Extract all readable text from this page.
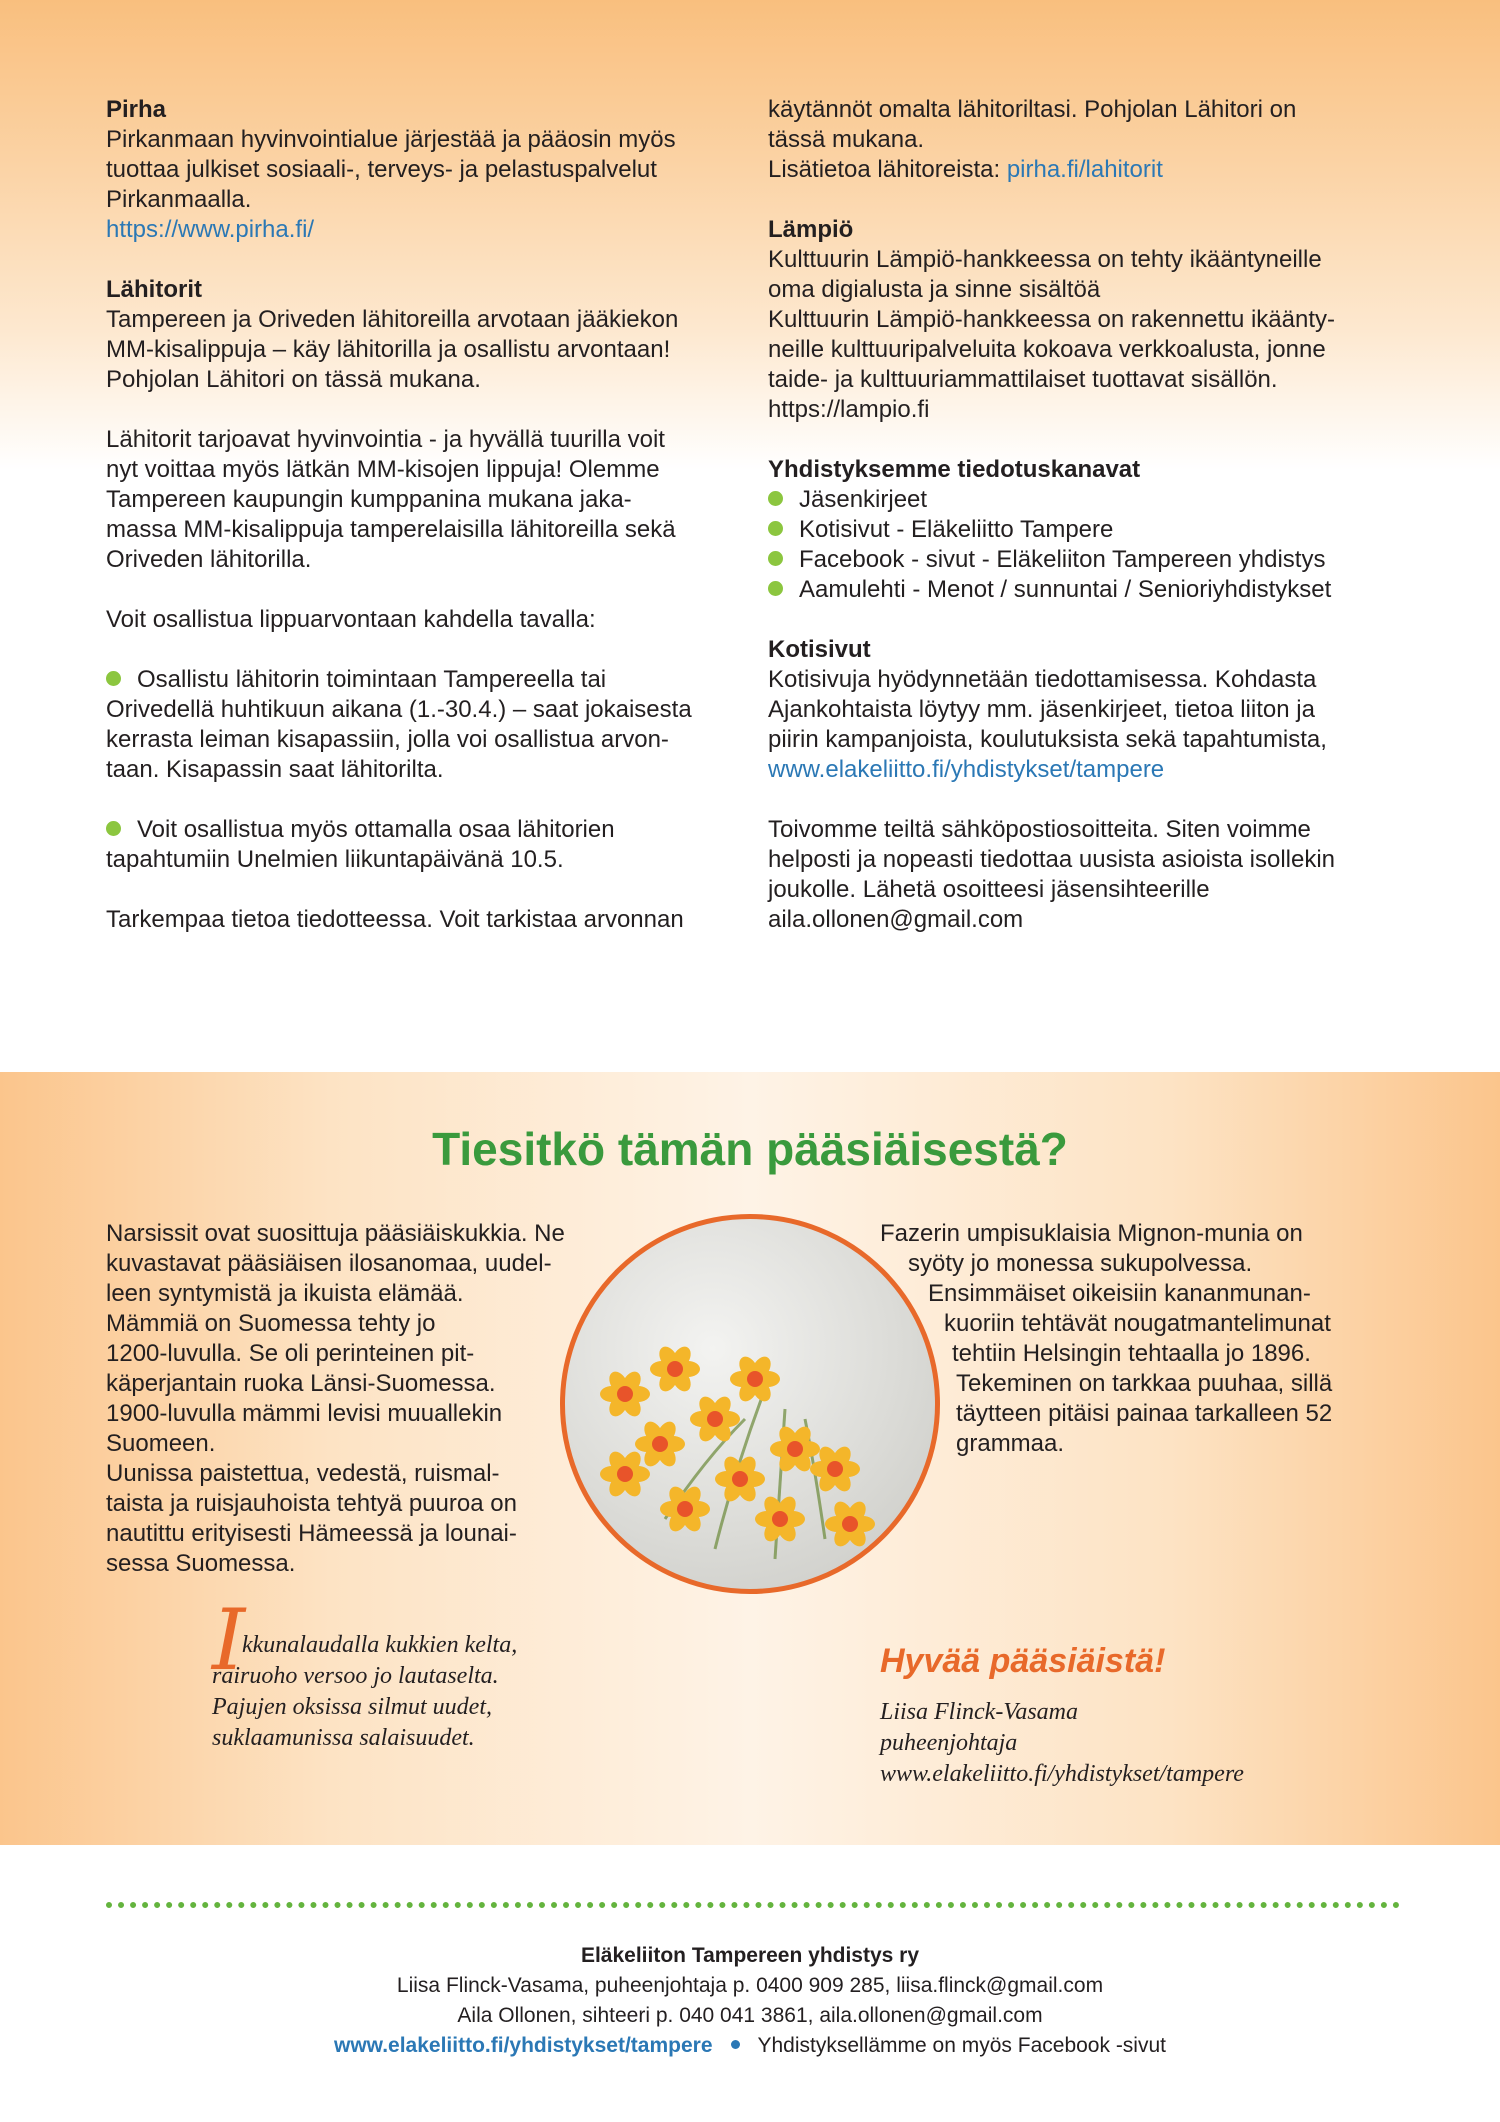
Pirha

Pirkanmaan hyvinvointialue järjestää ja pääosin myös
tuottaa julkiset sosiaali-, terveys- ja pelastuspalvelut
Pirkanmaalla.
https://www.pirha.fi/

Lähitorit

Tampereen ja Oriveden lähitoreilla arvotaan jääkiekon
MM-kisalippuja – käy lähitorilla ja osallistu arvontaan!
Pohjolan Lähitori on tässä mukana.

Lähitorit tarjoavat hyvinvointia - ja hyvällä tuurilla voit
nyt voittaa myös lätkän MM-kisojen lippuja! Olemme
Tampereen kaupungin kumppanina mukana jaka-
massa MM-kisalippuja tamperelaisilla lähitoreilla sekä
Oriveden lähitorilla.

Voit osallistua lippuarvontaan kahdella tavalla:

Osallistu lähitorin toimintaan Tampereella tai
Orivedellä huhtikuun aikana (1.-30.4.) – saat jokaisesta
kerrasta leiman kisapassiin, jolla voi osallistua arvon-
taan. Kisapassin saat lähitorilta.

Voit osallistua myös ottamalla osaa lähitorien
tapahtumiin Unelmien liikuntapäivänä 10.5.

Tarkempaa tietoa tiedotteessa. Voit tarkistaa arvonnan

käytännöt omalta lähitoriltasi. Pohjolan Lähitori on
tässä mukana.
Lisätietoa lähitoreista: pirha.fi/lahitorit

Lämpiö

Kulttuurin Lämpiö-hankkeessa on tehty ikääntyneille
oma digialusta ja sinne sisältöä
Kulttuurin Lämpiö-hankkeessa on rakennettu ikäänty-
neille kulttuuripalveluita kokoava verkkoalusta, jonne
taide- ja kulttuuriammattilaiset tuottavat sisällön.
https://lampio.fi

Yhdistyksemme tiedotuskanavat
Jäsenkirjeet
Kotisivut - Eläkeliitto Tampere
Facebook - sivut - Eläkeliiton Tampereen yhdistys
Aamulehti - Menot / sunnuntai / Senioriyhdistykset
Kotisivut

Kotisivuja hyödynnetään tiedottamisessa. Kohdasta
Ajankohtaista löytyy mm. jäsenkirjeet, tietoa liiton ja
piirin kampanjoista, koulutuksista sekä tapahtumista,
www.elakeliitto.fi/yhdistykset/tampere

Toivomme teiltä sähköpostiosoitteita. Siten voimme
helposti ja nopeasti tiedottaa uusista asioista isollekin
joukolle. Lähetä osoitteesi jäsensihteerille
aila.ollonen@gmail.com

Tiesitkö tämän pääsiäisestä?
Narsissit ovat suosittuja pääsiäiskukkia. Ne
kuvastavat pääsiäisen ilosanomaa, uudel-
leen syntymistä ja ikuista elämää.
Mämmiä on Suomessa tehty jo
1200-luvulla. Se oli perinteinen pit-
käperjantain ruoka Länsi-Suomessa.
1900-luvulla mämmi levisi muuallekin
Suomeen.
Uunissa paistettua, vedestä, ruismal-
taista ja ruisjauhoista tehtyä puuroa on
nautittu erityisesti Hämeessä ja lounai-
sessa Suomessa.
Fazerin umpisuklaisia Mignon-munia on
syöty jo monessa sukupolvessa.
Ensimmäiset oikeisiin kananmunan-
kuoriin tehtävät nougatmantelimunat
tehtiin Helsingin tehtaalla jo 1896.
Tekeminen on tarkkaa puuhaa, sillä
täytteen pitäisi painaa tarkalleen 52
grammaa.
I
kkunalaudalla kukkien kelta,
rairuoho versoo jo lautaselta.
Pajujen oksissa silmut uudet,
suklaamunissa salaisuudet.
Hyvää pääsiäistä!
Liisa Flinck-Vasama
puheenjohtaja
www.elakeliitto.fi/yhdistykset/tampere
Eläkeliiton Tampereen yhdistys ry
Liisa Flinck-Vasama, puheenjohtaja p. 0400 909 285, liisa.flinck@gmail.com
Aila Ollonen, sihteeri p. 040 041 3861, aila.ollonen@gmail.com
www.elakeliitto.fi/yhdistykset/tampere Yhdistyksellämme on myös Facebook -sivut
